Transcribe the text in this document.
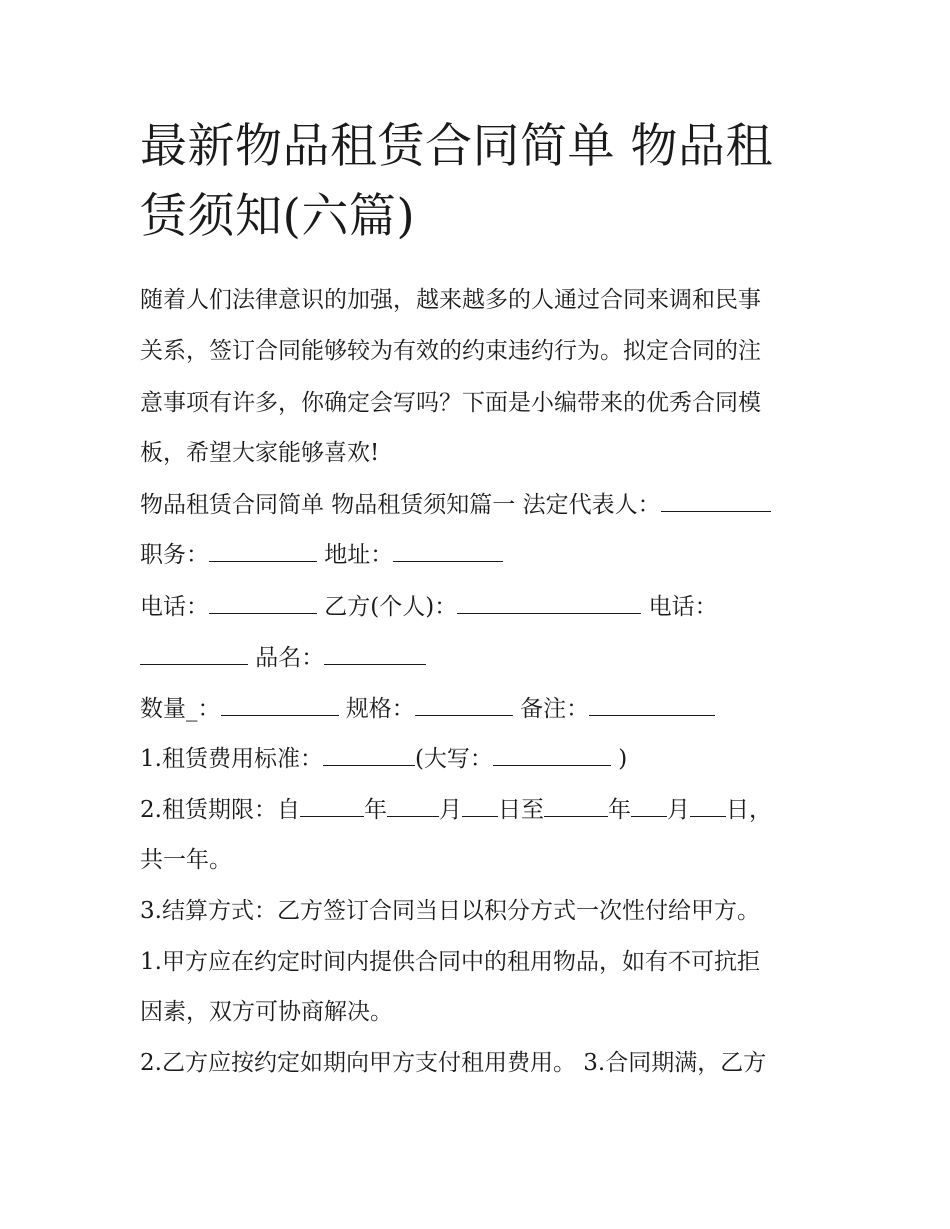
最新物品租赁合同简单 物品租
赁须知(六篇)
随着人们法律意识的加强，越来越多的人通过合同来调和民事
关系，签订合同能够较为有效的约束违约行为。拟定合同的注
意事项有许多，你确定会写吗？下面是小编带来的优秀合同模
板，希望大家能够喜欢!
物品租赁合同简单 物品租赁须知篇一 法定代表人：
职务：	地址：
电话：	乙方(个人)：	电话：
品名：
数量_：	规格：	备注：
1.租赁费用标准：	(大写：	)
2.租赁期限：自	年 月 日至	年 月 日，
共一年。
3.结算方式：乙方签订合同当日以积分方式一次性付给甲方。
1.甲方应在约定时间内提供合同中的租用物品，如有不可抗拒
因素，双方可协商解决。
2.乙方应按约定如期向甲方支付租用费用。 3.合同期满，乙方
